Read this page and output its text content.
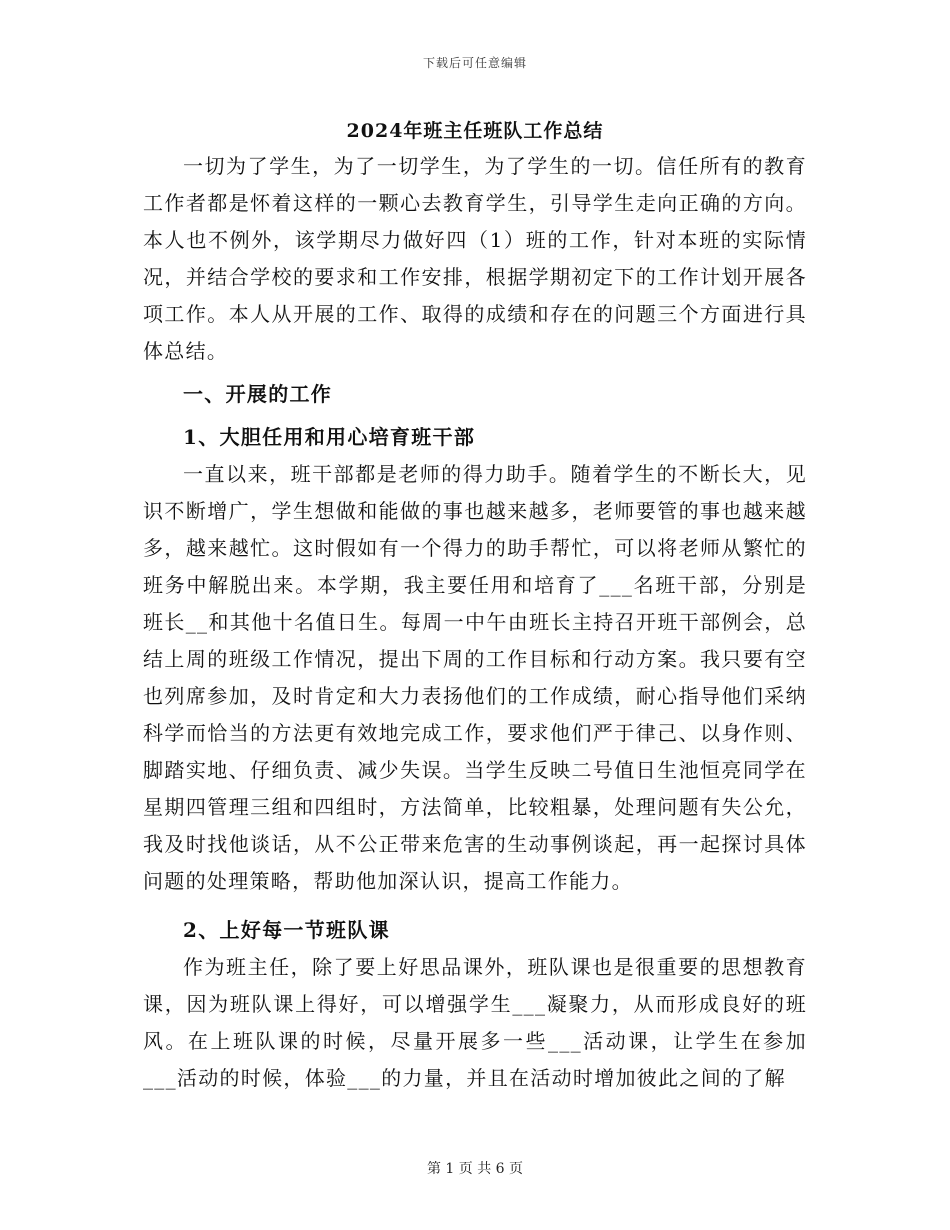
下载后可任意编辑
2024年班主任班队工作总结

一切为了学生，为了一切学生，为了学生的一切。信任所有的教育工作者都是怀着这样的一颗心去教育学生，引导学生走向正确的方向。本人也不例外，该学期尽力做好四（1）班的工作，针对本班的实际情况，并结合学校的要求和工作安排，根据学期初定下的工作计划开展各项工作。本人从开展的工作、取得的成绩和存在的问题三个方面进行具体总结。

一、开展的工作

1、大胆任用和用心培育班干部

一直以来，班干部都是老师的得力助手。随着学生的不断长大，见识不断增广，学生想做和能做的事也越来越多，老师要管的事也越来越多，越来越忙。这时假如有一个得力的助手帮忙，可以将老师从繁忙的班务中解脱出来。本学期，我主要任用和培育了___名班干部，分别是班长__和其他十名值日生。每周一中午由班长主持召开班干部例会，总结上周的班级工作情况，提出下周的工作目标和行动方案。我只要有空也列席参加，及时肯定和大力表扬他们的工作成绩，耐心指导他们采纳科学而恰当的方法更有效地完成工作，要求他们严于律己、以身作则、脚踏实地、仔细负责、减少失误。当学生反映二号值日生池恒亮同学在星期四管理三组和四组时，方法简单，比较粗暴，处理问题有失公允，我及时找他谈话，从不公正带来危害的生动事例谈起，再一起探讨具体问题的处理策略，帮助他加深认识，提高工作能力。

2、上好每一节班队课

作为班主任，除了要上好思品课外，班队课也是很重要的思想教育课，因为班队课上得好，可以增强学生___凝聚力，从而形成良好的班风。在上班队课的时候，尽量开展多一些___活动课，让学生在参加___活动的时候，体验___的力量，并且在活动时增加彼此之间的了解

第 1 页 共 6 页
